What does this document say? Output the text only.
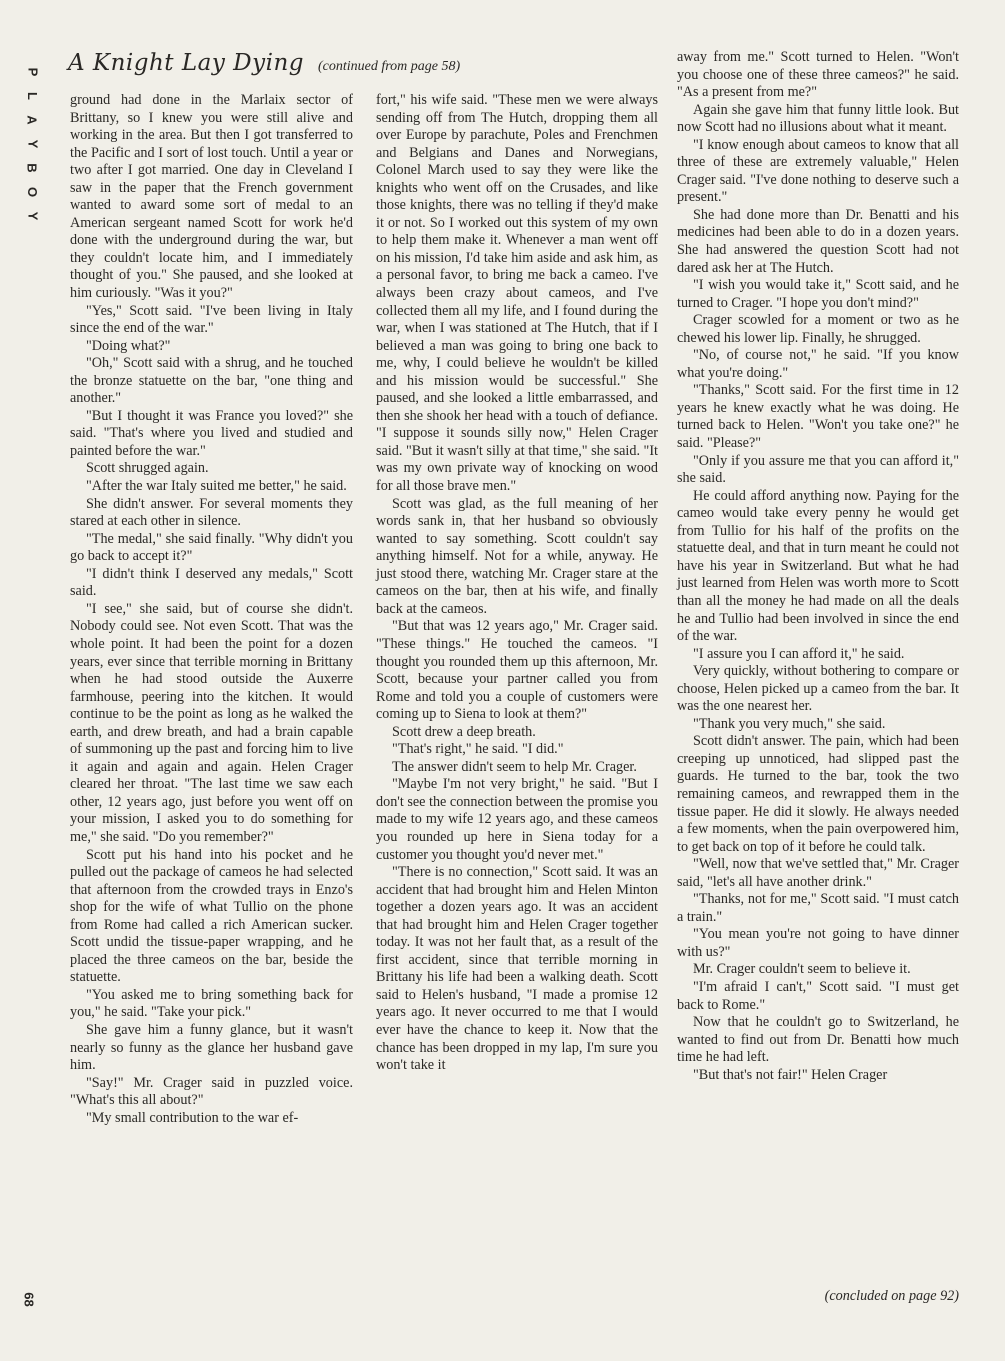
P
L
A
Y
B
O
Y
A Knight Lay Dying (continued from page 58)

ground had done in the Marlaix sector of Brittany, so I knew you were still alive and working in the area. But then I got transferred to the Pacific and I sort of lost touch. Until a year or two after I got married. One day in Cleveland I saw in the paper that the French government wanted to award some sort of medal to an American sergeant named Scott for work he'd done with the underground during the war, but they couldn't locate him, and I immediately thought of you." She paused, and she looked at him curiously. "Was it you?"

"Yes," Scott said. "I've been living in Italy since the end of the war."

"Doing what?"

"Oh," Scott said with a shrug, and he touched the bronze statuette on the bar, "one thing and another."

"But I thought it was France you loved?" she said. "That's where you lived and studied and painted before the war."

Scott shrugged again.

"After the war Italy suited me better," he said.

She didn't answer. For several moments they stared at each other in silence.

"The medal," she said finally. "Why didn't you go back to accept it?"

"I didn't think I deserved any medals," Scott said.

"I see," she said, but of course she didn't. Nobody could see. Not even Scott. That was the whole point. It had been the point for a dozen years, ever since that terrible morning in Brittany when he had stood outside the Auxerre farmhouse, peering into the kitchen. It would continue to be the point as long as he walked the earth, and drew breath, and had a brain capable of summoning up the past and forcing him to live it again and again and again. Helen Crager cleared her throat. "The last time we saw each other, 12 years ago, just before you went off on your mission, I asked you to do something for me," she said. "Do you remember?"

Scott put his hand into his pocket and he pulled out the package of cameos he had selected that afternoon from the crowded trays in Enzo's shop for the wife of what Tullio on the phone from Rome had called a rich American sucker. Scott undid the tissue-paper wrapping, and he placed the three cameos on the bar, beside the statuette.

"You asked me to bring something back for you," he said. "Take your pick."

She gave him a funny glance, but it wasn't nearly so funny as the glance her husband gave him.

"Say!" Mr. Crager said in puzzled voice. "What's this all about?"

"My small contribution to the war ef-

fort," his wife said. "These men we were always sending off from The Hutch, dropping them all over Europe by parachute, Poles and Frenchmen and Belgians and Danes and Norwegians, Colonel March used to say they were like the knights who went off on the Crusades, and like those knights, there was no telling if they'd make it or not. So I worked out this system of my own to help them make it. Whenever a man went off on his mission, I'd take him aside and ask him, as a personal favor, to bring me back a cameo. I've always been crazy about cameos, and I've collected them all my life, and I found during the war, when I was stationed at The Hutch, that if I believed a man was going to bring one back to me, why, I could believe he wouldn't be killed and his mission would be successful." She paused, and she looked a little embarrassed, and then she shook her head with a touch of defiance. "I suppose it sounds silly now," Helen Crager said. "But it wasn't silly at that time," she said. "It was my own private way of knocking on wood for all those brave men."

Scott was glad, as the full meaning of her words sank in, that her husband so obviously wanted to say something. Scott couldn't say anything himself. Not for a while, anyway. He just stood there, watching Mr. Crager stare at the cameos on the bar, then at his wife, and finally back at the cameos.

"But that was 12 years ago," Mr. Crager said. "These things." He touched the cameos. "I thought you rounded them up this afternoon, Mr. Scott, because your partner called you from Rome and told you a couple of customers were coming up to Siena to look at them?"

Scott drew a deep breath.

"That's right," he said. "I did."

The answer didn't seem to help Mr. Crager.

"Maybe I'm not very bright," he said. "But I don't see the connection between the promise you made to my wife 12 years ago, and these cameos you rounded up here in Siena today for a customer you thought you'd never met."

"There is no connection," Scott said. It was an accident that had brought him and Helen Minton together a dozen years ago. It was an accident that had brought him and Helen Crager together today. It was not her fault that, as a result of the first accident, since that terrible morning in Brittany his life had been a walking death. Scott said to Helen's husband, "I made a promise 12 years ago. It never occurred to me that I would ever have the chance to keep it. Now that the chance has been dropped in my lap, I'm sure you won't take it

away from me." Scott turned to Helen. "Won't you choose one of these three cameos?" he said. "As a present from me?"

Again she gave him that funny little look. But now Scott had no illusions about what it meant.

"I know enough about cameos to know that all three of these are extremely valuable," Helen Crager said. "I've done nothing to deserve such a present."

She had done more than Dr. Benatti and his medicines had been able to do in a dozen years. She had answered the question Scott had not dared ask her at The Hutch.

"I wish you would take it," Scott said, and he turned to Crager. "I hope you don't mind?"

Crager scowled for a moment or two as he chewed his lower lip. Finally, he shrugged.

"No, of course not," he said. "If you know what you're doing."

"Thanks," Scott said. For the first time in 12 years he knew exactly what he was doing. He turned back to Helen. "Won't you take one?" he said. "Please?"

"Only if you assure me that you can afford it," she said.

He could afford anything now. Paying for the cameo would take every penny he would get from Tullio for his half of the profits on the statuette deal, and that in turn meant he could not have his year in Switzerland. But what he had just learned from Helen was worth more to Scott than all the money he had made on all the deals he and Tullio had been involved in since the end of the war.

"I assure you I can afford it," he said.

Very quickly, without bothering to compare or choose, Helen picked up a cameo from the bar. It was the one nearest her.

"Thank you very much," she said.

Scott didn't answer. The pain, which had been creeping up unnoticed, had slipped past the guards. He turned to the bar, took the two remaining cameos, and rewrapped them in the tissue paper. He did it slowly. He always needed a few moments, when the pain overpowered him, to get back on top of it before he could talk.

"Well, now that we've settled that," Mr. Crager said, "let's all have another drink."

"Thanks, not for me," Scott said. "I must catch a train."

"You mean you're not going to have dinner with us?"

Mr. Crager couldn't seem to believe it.

"I'm afraid I can't," Scott said. "I must get back to Rome."

Now that he couldn't go to Switzerland, he wanted to find out from Dr. Benatti how much time he had left.

"But that's not fair!" Helen Crager

(concluded on page 92)
68
